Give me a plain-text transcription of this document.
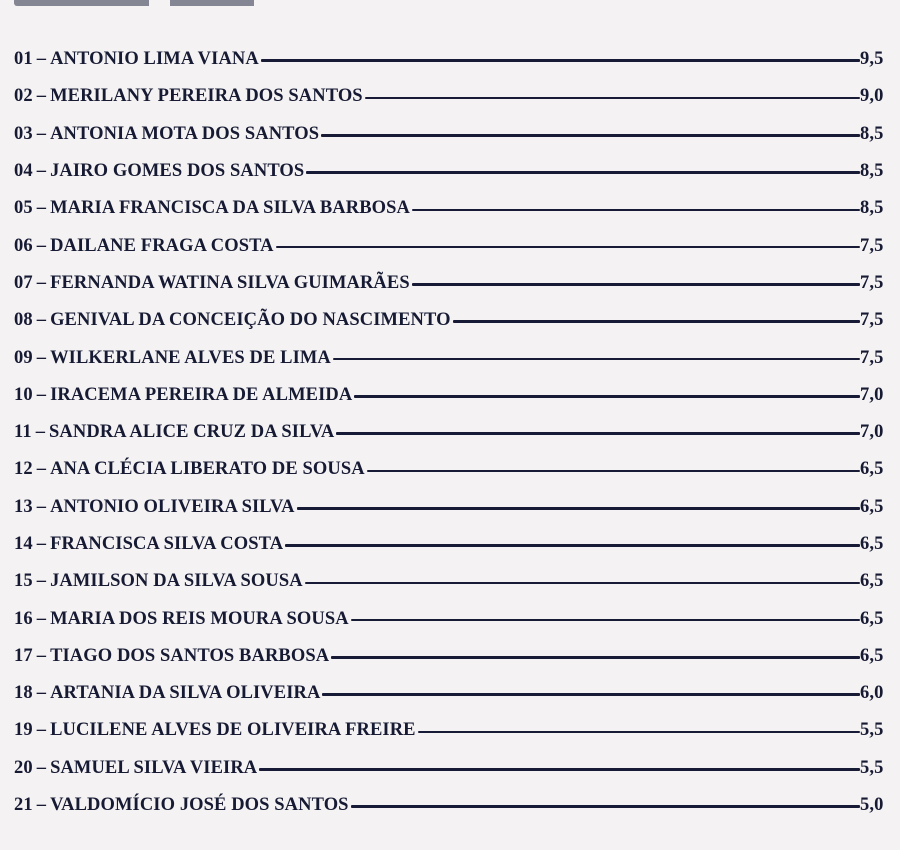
01 – ANTONIO LIMA VIANA	9,5
02 – MERILANY PEREIRA DOS SANTOS	9,0
03 – ANTONIA MOTA DOS SANTOS	8,5
04 – JAIRO GOMES DOS SANTOS	8,5
05 – MARIA FRANCISCA DA SILVA BARBOSA	8,5
06 – DAILANE FRAGA COSTA	7,5
07 – FERNANDA WATINA SILVA GUIMARÃES	7,5
08 – GENIVAL DA CONCEIÇÃO DO NASCIMENTO	7,5
09 – WILKERLANE ALVES DE LIMA	7,5
10 – IRACEMA PEREIRA DE ALMEIDA	7,0
11 – SANDRA ALICE CRUZ DA SILVA	7,0
12 – ANA CLÉCIA LIBERATO DE SOUSA	6,5
13 – ANTONIO OLIVEIRA SILVA	6,5
14 – FRANCISCA SILVA COSTA	6,5
15 – JAMILSON DA SILVA SOUSA	6,5
16 – MARIA DOS REIS MOURA SOUSA	6,5
17 – TIAGO DOS SANTOS BARBOSA	6,5
18 – ARTANIA DA SILVA OLIVEIRA	6,0
19 – LUCILENE ALVES DE OLIVEIRA FREIRE	5,5
20 – SAMUEL SILVA VIEIRA	5,5
21 – VALDOMÍCIO JOSÉ DOS SANTOS	5,0
